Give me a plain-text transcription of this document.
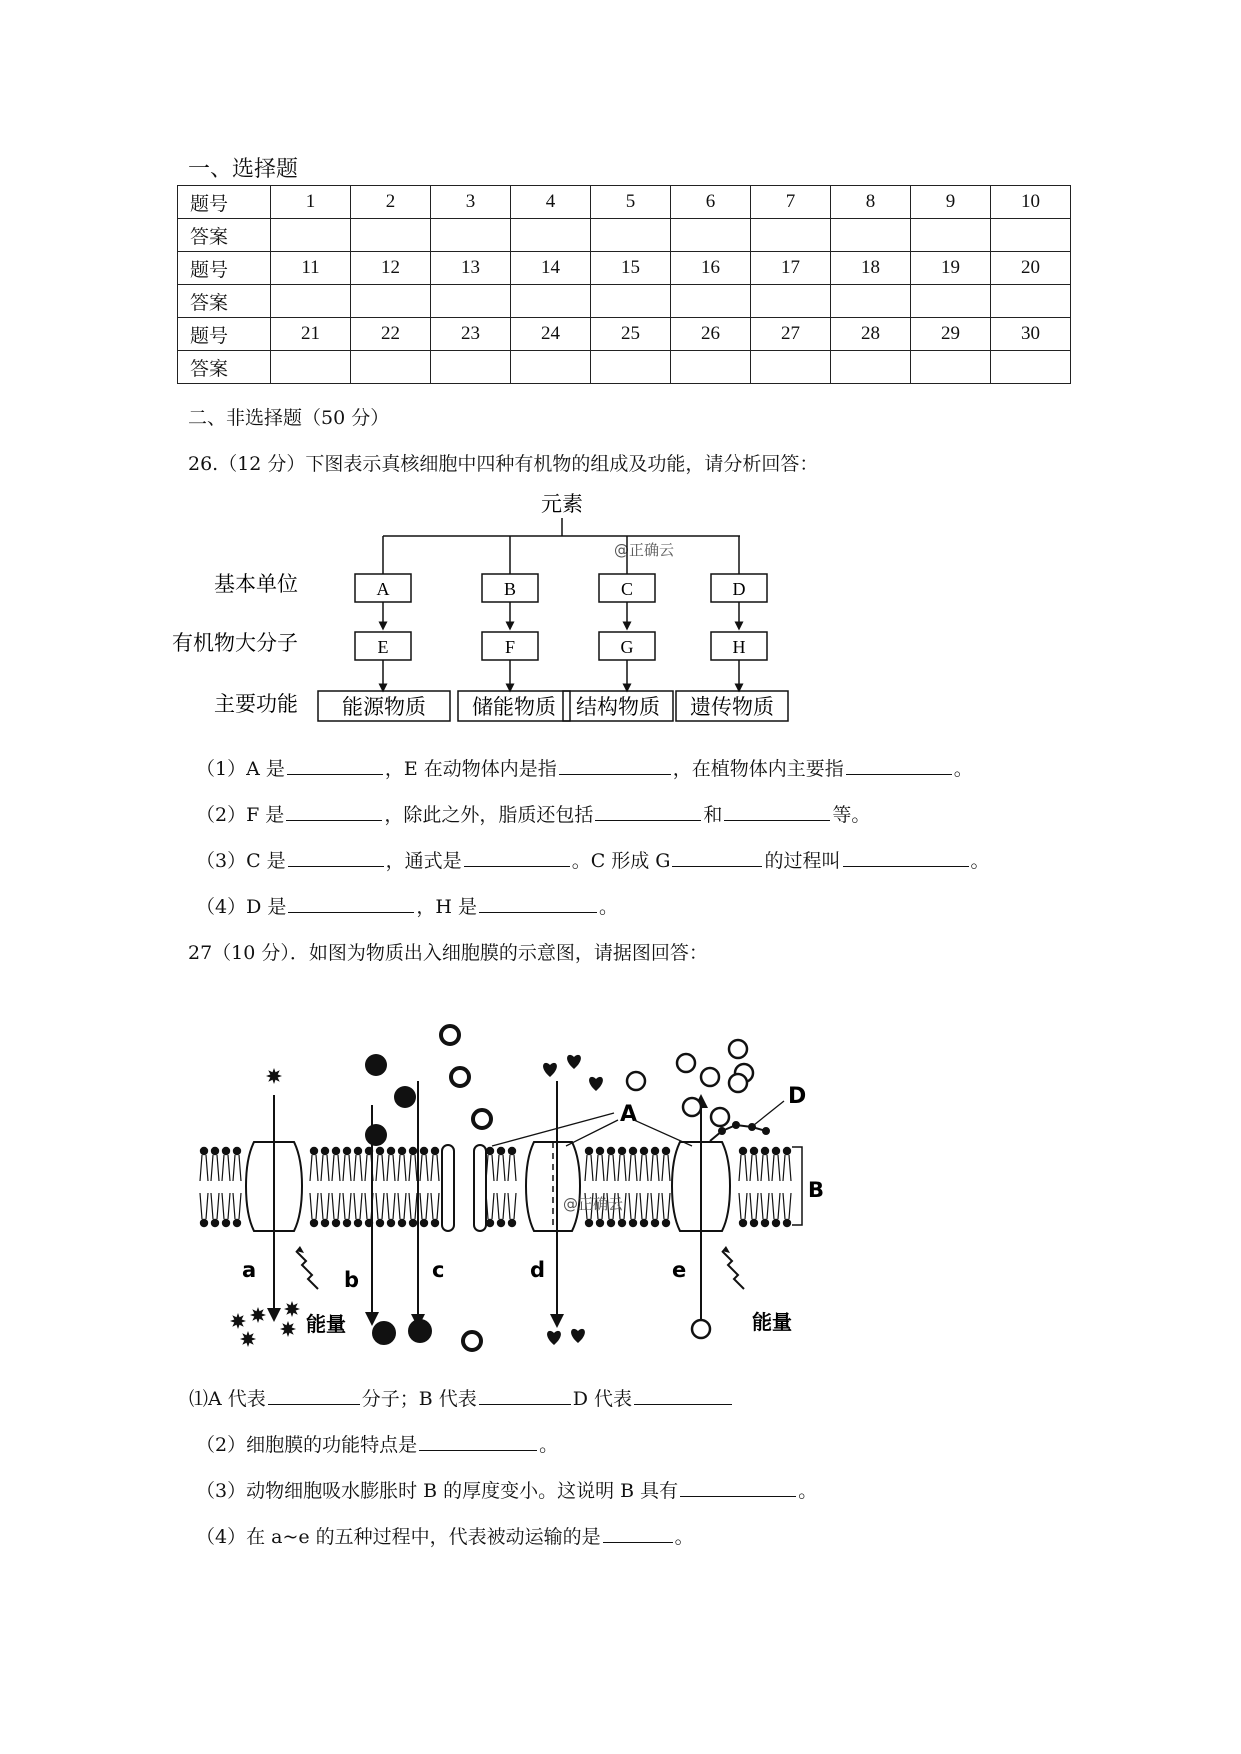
一、选择题
题号	1	2	3	4	5	6	7	8	9	10
答案										
题号	11	12	13	14	15	16	17	18	19	20
答案										
题号	21	22	23	24	25	26	27	28	29	30
答案										
二、非选择题（50 分）
26.（12 分）下图表示真核细胞中四种有机物的组成及功能，请分析回答：
元素
@正确云
基本单位
有机物大分子
主要功能
A
E
能源物质
B
F
储能物质
C
G
结构物质
D
H
遗传物质
（1）A 是	，E 在动物体内是指	，在植物体内主要指	。
（2）F 是	，除此之外，脂质还包括	和	等。
（3）C 是	，通式是	。C 形成 G	的过程叫	。
（4）D 是	，H 是	。
27（10 分）．如图为物质出入细胞膜的示意图，请据图回答：
@正确云
B
A
D
a	b	c	d	e
能量	能量
⑴A 代表	分子；B 代表	D 代表
（2）细胞膜的功能特点是	。
（3）动物细胞吸水膨胀时 B 的厚度变小。这说明 B 具有	。
（4）在 a~e 的五种过程中，代表被动运输的是	。
